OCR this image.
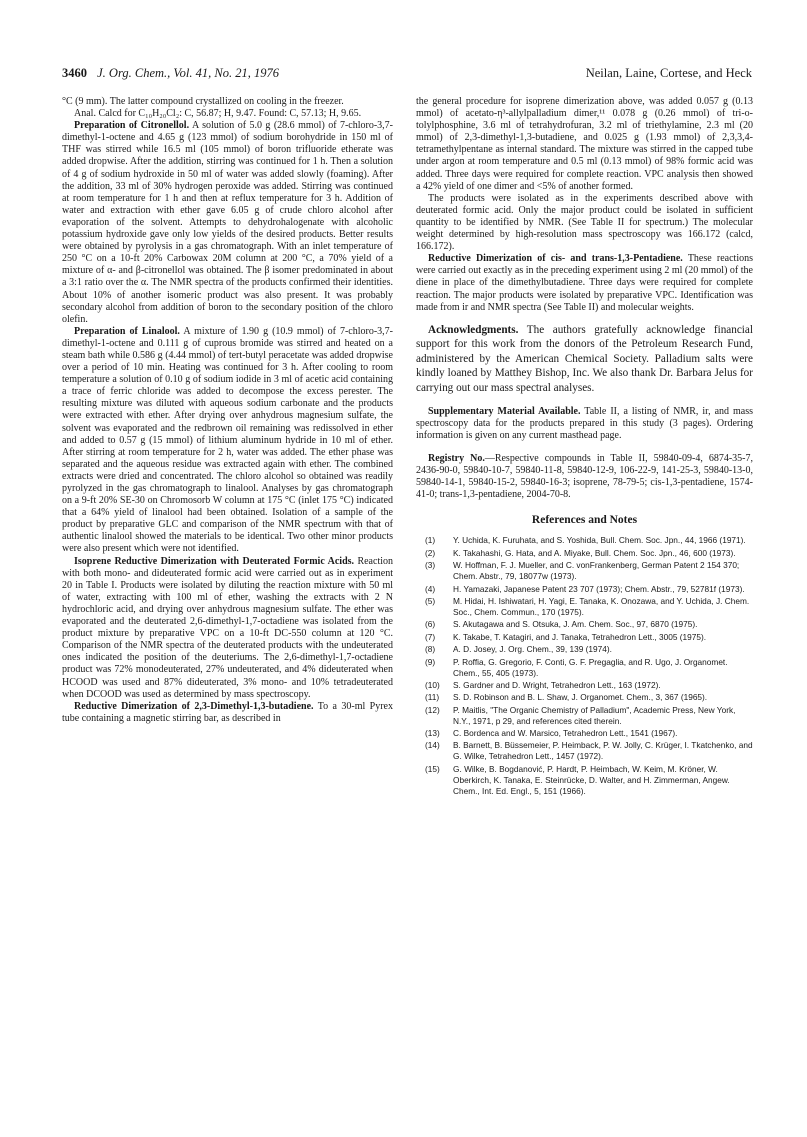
3460 J. Org. Chem., Vol. 41, No. 21, 1976	Neilan, Laine, Cortese, and Heck

°C (9 mm). The latter compound crystallized on cooling in the freezer.

Anal. Calcd for C₁₀H₂₀Cl₂: C, 56.87; H, 9.47. Found: C, 57.13; H, 9.65.

Preparation of Citronellol. A solution of 5.0 g (28.6 mmol) of 7-chloro-3,7-dimethyl-1-octene and 4.65 g (123 mmol) of sodium borohydride in 150 ml of THF was stirred while 16.5 ml (105 mmol) of boron trifluoride etherate was added dropwise. After the addition, stirring was continued for 1 h. Then a solution of 4 g of sodium hydroxide in 50 ml of water was added slowly (foaming). After the addition, 33 ml of 30% hydrogen peroxide was added. Stirring was continued at room temperature for 1 h and then at reflux temperature for 3 h. Addition of water and extraction with ether gave 6.05 g of crude chloro alcohol after evaporation of the solvent. Attempts to dehydrohalogenate with alcoholic potassium hydroxide gave only low yields of the desired products. Better results were obtained by pyrolysis in a gas chromatograph. With an inlet temperature of 250 °C on a 10-ft 20% Carbowax 20M column at 200 °C, a 70% yield of a mixture of α- and β-citronellol was obtained. The β isomer predominated in about a 3:1 ratio over the α. The NMR spectra of the products confirmed their identities. About 10% of another isomeric product was also present. It was probably secondary alcohol from addition of boron to the secondary position of the chloro olefin.

Preparation of Linalool. A mixture of 1.90 g (10.9 mmol) of 7-chloro-3,7-dimethyl-1-octene and 0.111 g of cuprous bromide was stirred and heated on a steam bath while 0.586 g (4.44 mmol) of tert-butyl peracetate was added dropwise over a period of 10 min. Heating was continued for 3 h. After cooling to room temperature a solution of 0.10 g of sodium iodide in 3 ml of acetic acid containing a trace of ferric chloride was added to decompose the excess perester. The resulting mixture was diluted with aqueous sodium carbonate and the products were extracted with ether. After drying over anhydrous magnesium sulfate, the solvent was evaporated and the redbrown oil remaining was redissolved in ether and added to 0.57 g (15 mmol) of lithium aluminum hydride in 10 ml of ether. After stirring at room temperature for 2 h, water was added. The ether phase was separated and the aqueous residue was extracted again with ether. The combined extracts were dried and concentrated. The chloro alcohol so obtained was readily pyrolyzed in the gas chromatograph to linalool. Analyses by gas chromatograph on a 9-ft 20% SE-30 on Chromosorb W column at 175 °C (inlet 175 °C) indicated that a 64% yield of linalool had been obtained. Isolation of a sample of the product by preparative GLC and comparison of the NMR spectrum with that of authentic linalool showed the materials to be identical. Two other minor products were also present which were not identified.

Isoprene Reductive Dimerization with Deuterated Formic Acids. Reaction with both mono- and dideuterated formic acid were carried out as in experiment 20 in Table I. Products were isolated by diluting the reaction mixture with 50 ml of water, extracting with 100 ml of ether, washing the extracts with 2 N hydrochloric acid, and drying over anhydrous magnesium sulfate. The ether was evaporated and the deuterated 2,6-dimethyl-1,7-octadiene was isolated from the product mixture by preparative VPC on a 10-ft DC-550 column at 120 °C. Comparison of the NMR spectra of the deuterated products with the undeuterated ones indicated the position of the deuteriums. The 2,6-dimethyl-1,7-octadiene product was 72% monodeuterated, 27% undeuterated, and 4% dideuterated when HCOOD was used and 87% dideuterated, 3% mono- and 10% tetradeuterated when DCOOD was used as determined by mass spectroscopy.

Reductive Dimerization of 2,3-Dimethyl-1,3-butadiene. To a 30-ml Pyrex tube containing a magnetic stirring bar, as described in

the general procedure for isoprene dimerization above, was added 0.057 g (0.13 mmol) of acetato-η³-allylpalladium dimer,¹¹ 0.078 g (0.26 mmol) of tri-o-tolylphosphine, 3.6 ml of tetrahydrofuran, 3.2 ml of triethylamine, 2.3 ml (20 mmol) of 2,3-dimethyl-1,3-butadiene, and 0.025 g (1.93 mmol) of 2,3,3,4-tetramethylpentane as internal standard. The mixture was stirred in the capped tube under argon at room temperature and 0.5 ml (0.13 mmol) of 98% formic acid was added. Three days were required for complete reaction. VPC analysis then showed a 42% yield of one dimer and <5% of another formed.

The products were isolated as in the experiments described above with deuterated formic acid. Only the major product could be isolated in sufficient quantity to be identified by NMR. (See Table II for spectrum.) The molecular weight determined by high-resolution mass spectroscopy was 166.172 (calcd, 166.172).

Reductive Dimerization of cis- and trans-1,3-Pentadiene. These reactions were carried out exactly as in the preceding experiment using 2 ml (20 mmol) of the diene in place of the dimethylbutadiene. Three days were required for complete reaction. The major products were isolated by preparative VPC. Identification was made from ir and NMR spectra (See Table II) and molecular weights.

Acknowledgments. The authors gratefully acknowledge financial support for this work from the donors of the Petroleum Research Fund, administered by the American Chemical Society. Palladium salts were kindly loaned by Matthey Bishop, Inc. We also thank Dr. Barbara Jelus for carrying out our mass spectral analyses.

Supplementary Material Available. Table II, a listing of NMR, ir, and mass spectroscopy data for the products prepared in this study (3 pages). Ordering information is given on any current masthead page.

Registry No.—Respective compounds in Table II, 59840-09-4, 6874-35-7, 2436-90-0, 59840-10-7, 59840-11-8, 59840-12-9, 106-22-9, 141-25-3, 59840-13-0, 59840-14-1, 59840-15-2, 59840-16-3; isoprene, 78-79-5; cis-1,3-pentadiene, 1574-41-0; trans-1,3-pentadiene, 2004-70-8.

References and Notes
(1) Y. Uchida, K. Furuhata, and S. Yoshida, Bull. Chem. Soc. Jpn., 44, 1966 (1971).
(2) K. Takahashi, G. Hata, and A. Miyake, Bull. Chem. Soc. Jpn., 46, 600 (1973).
(3) W. Hoffman, F. J. Mueller, and C. vonFrankenberg, German Patent 2 154 370; Chem. Abstr., 79, 18077w (1973).
(4) H. Yamazaki, Japanese Patent 23 707 (1973); Chem. Abstr., 79, 52781f (1973).
(5) M. Hidai, H. Ishiwatari, H. Yagi, E. Tanaka, K. Onozawa, and Y. Uchida, J. Chem. Soc., Chem. Commun., 170 (1975).
(6) S. Akutagawa and S. Otsuka, J. Am. Chem. Soc., 97, 6870 (1975).
(7) K. Takabe, T. Katagiri, and J. Tanaka, Tetrahedron Lett., 3005 (1975).
(8) A. D. Josey, J. Org. Chem., 39, 139 (1974).
(9) P. Roffia, G. Gregorio, F. Conti, G. F. Pregaglia, and R. Ugo, J. Organomet. Chem., 55, 405 (1973).
(10) S. Gardner and D. Wright, Tetrahedron Lett., 163 (1972).
(11) S. D. Robinson and B. L. Shaw, J. Organomet. Chem., 3, 367 (1965).
(12) P. Maitlis, "The Organic Chemistry of Palladium", Academic Press, New York, N.Y., 1971, p 29, and references cited therein.
(13) C. Bordenca and W. Marsico, Tetrahedron Lett., 1541 (1967).
(14) B. Barnett, B. Büssemeier, P. Heimback, P. W. Jolly, C. Krüger, I. Tkatchenko, and G. Wilke, Tetrahedron Lett., 1457 (1972).
(15) G. Wilke, B. Bogdanović, P. Hardt, P. Heimbach, W. Keim, M. Kröner, W. Oberkirch, K. Tanaka, E. Steinrücke, D. Walter, and H. Zimmerman, Angew. Chem., Int. Ed. Engl., 5, 151 (1966).
